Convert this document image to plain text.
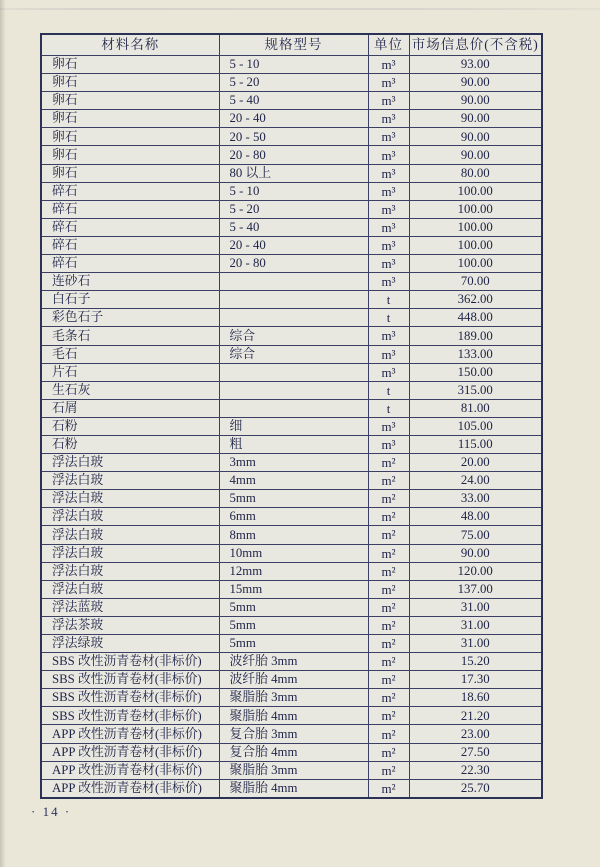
材料名称	规格型号	单位	市场信息价(不含税)
卵石	5 - 10	m³	93.00
卵石	5 - 20	m³	90.00
卵石	5 - 40	m³	90.00
卵石	20 - 40	m³	90.00
卵石	20 - 50	m³	90.00
卵石	20 - 80	m³	90.00
卵石	80 以上	m³	80.00
碎石	5 - 10	m³	100.00
碎石	5 - 20	m³	100.00
碎石	5 - 40	m³	100.00
碎石	20 - 40	m³	100.00
碎石	20 - 80	m³	100.00
连砂石		m³	70.00
白石子		t	362.00
彩色石子		t	448.00
毛条石	综合	m³	189.00
毛石	综合	m³	133.00
片石		m³	150.00
生石灰		t	315.00
石屑		t	81.00
石粉	细	m³	105.00
石粉	粗	m³	115.00
浮法白玻	3mm	m²	20.00
浮法白玻	4mm	m²	24.00
浮法白玻	5mm	m²	33.00
浮法白玻	6mm	m²	48.00
浮法白玻	8mm	m²	75.00
浮法白玻	10mm	m²	90.00
浮法白玻	12mm	m²	120.00
浮法白玻	15mm	m²	137.00
浮法蓝玻	5mm	m²	31.00
浮法茶玻	5mm	m²	31.00
浮法绿玻	5mm	m²	31.00
SBS 改性沥青卷材(非标价)	波纤胎 3mm	m²	15.20
SBS 改性沥青卷材(非标价)	波纤胎 4mm	m²	17.30
SBS 改性沥青卷材(非标价)	聚脂胎 3mm	m²	18.60
SBS 改性沥青卷材(非标价)	聚脂胎 4mm	m²	21.20
APP 改性沥青卷材(非标价)	复合胎 3mm	m²	23.00
APP 改性沥青卷材(非标价)	复合胎 4mm	m²	27.50
APP 改性沥青卷材(非标价)	聚脂胎 3mm	m²	22.30
APP 改性沥青卷材(非标价)	聚脂胎 4mm	m²	25.70
· 14 ·
